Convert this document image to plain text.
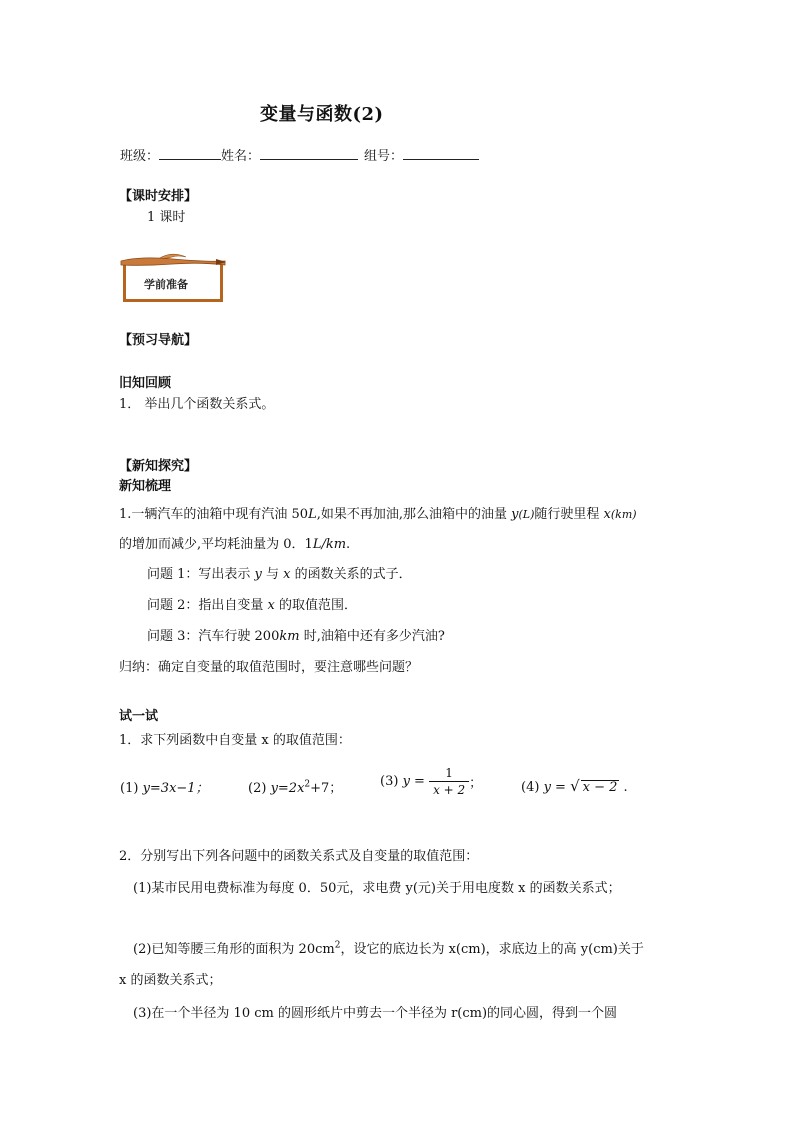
变量与函数(2)
班级：	姓名：	组号：
【课时安排】
1 课时
学前准备
【预习导航】
旧知回顾
1． 举出几个函数关系式。
【新知探究】
新知梳理
1.一辆汽车的油箱中现有汽油 50L,如果不再加油,那么油箱中的油量 y(L)随行驶里程 x(km)
的增加而减少,平均耗油量为 0．1L/km.
问题 1：写出表示 y 与 x 的函数关系的式子．
问题 2：指出自变量 x 的取值范围．
问题 3：汽车行驶 200km 时,油箱中还有多少汽油?
归纳：确定自变量的取值范围时，要注意哪些问题？
试一试
1．求下列函数中自变量 x 的取值范围：
(1) y=3x−1；	(2) $y=2x^2+7$；	(3) $y = \frac{1}{x + 2}$ ；	(4) y = √ x − 2 .
2．分别写出下列各问题中的函数关系式及自变量的取值范围：
(1)某市民用电费标准为每度 0．50元，求电费 y(元)关于用电度数 x 的函数关系式；
(2)已知等腰三角形的面积为 $20cm^2$，设它的底边长为 x(cm)，求底边上的高 y(cm)关于
x 的函数关系式；
(3)在一个半径为 10 cm 的圆形纸片中剪去一个半径为 r(cm)的同心圆，得到一个圆
